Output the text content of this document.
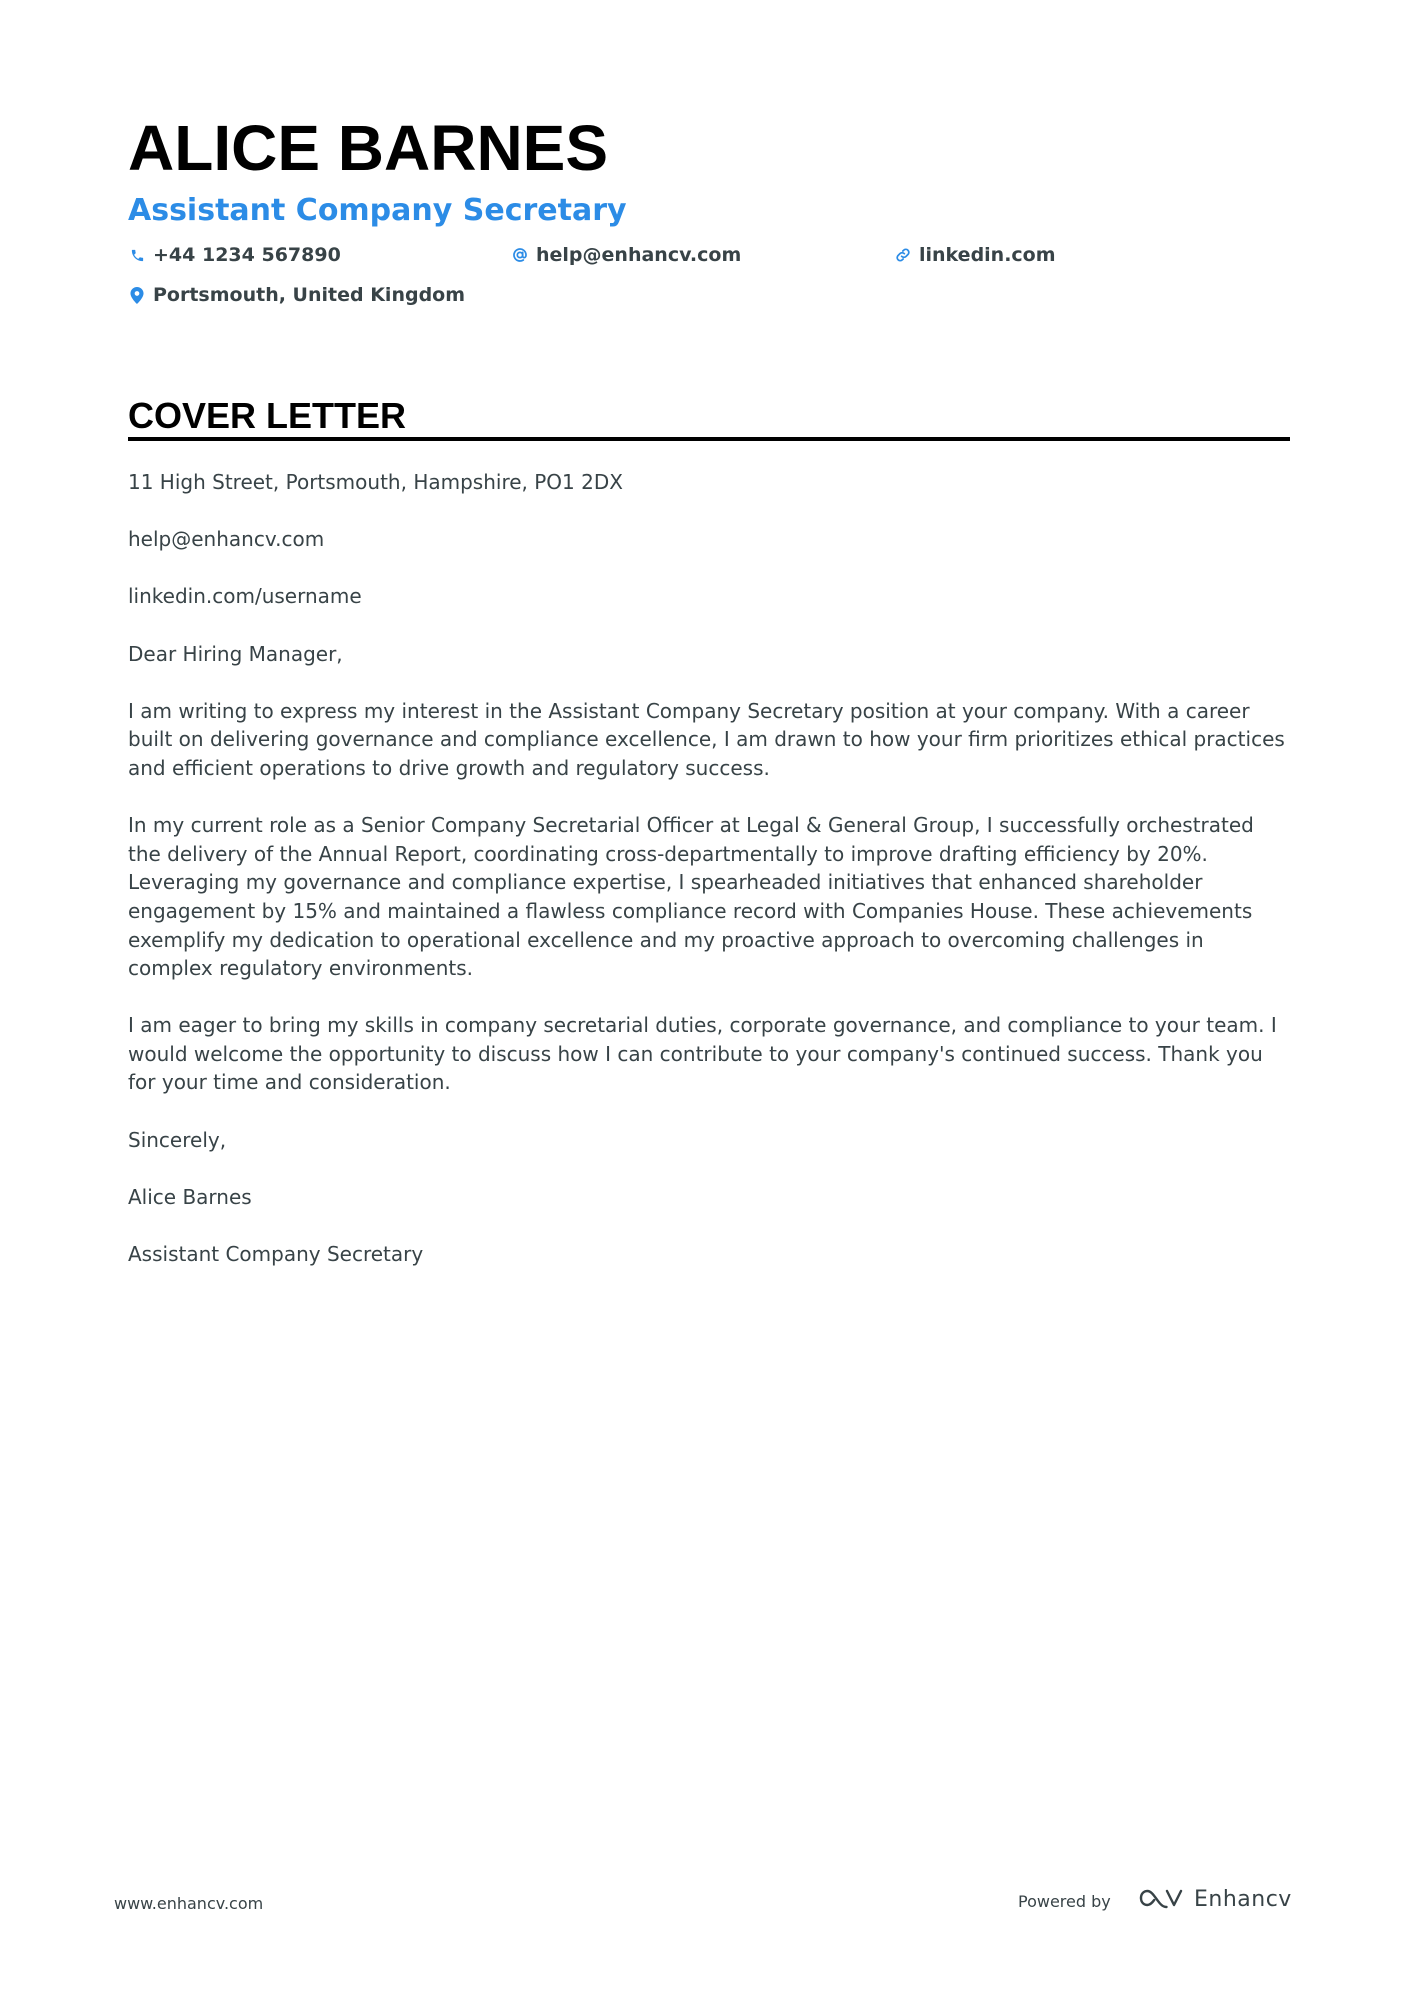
ALICE BARNES
Assistant Company Secretary
+44 1234 567890	help@enhancv.com	linkedin.com
Portsmouth, United Kingdom
COVER LETTER

11 High Street, Portsmouth, Hampshire, PO1 2DX

help@enhancv.com

linkedin.com/username

Dear Hiring Manager,

I am writing to express my interest in the Assistant Company Secretary position at your company. With a career built on delivering governance and compliance excellence, I am drawn to how your firm prioritizes ethical practices and efficient operations to drive growth and regulatory success.

In my current role as a Senior Company Secretarial Officer at Legal & General Group, I successfully orchestrated the delivery of the Annual Report, coordinating cross-departmentally to improve drafting efficiency by 20%. Leveraging my governance and compliance expertise, I spearheaded initiatives that enhanced shareholder engagement by 15% and maintained a flawless compliance record with Companies House. These achievements exemplify my dedication to operational excellence and my proactive approach to overcoming challenges in complex regulatory environments.

I am eager to bring my skills in company secretarial duties, corporate governance, and compliance to your team. I would welcome the opportunity to discuss how I can contribute to your company's continued success. Thank you for your time and consideration.

Sincerely,

Alice Barnes

Assistant Company Secretary

www.enhancv.com	Powered by	Enhancv
